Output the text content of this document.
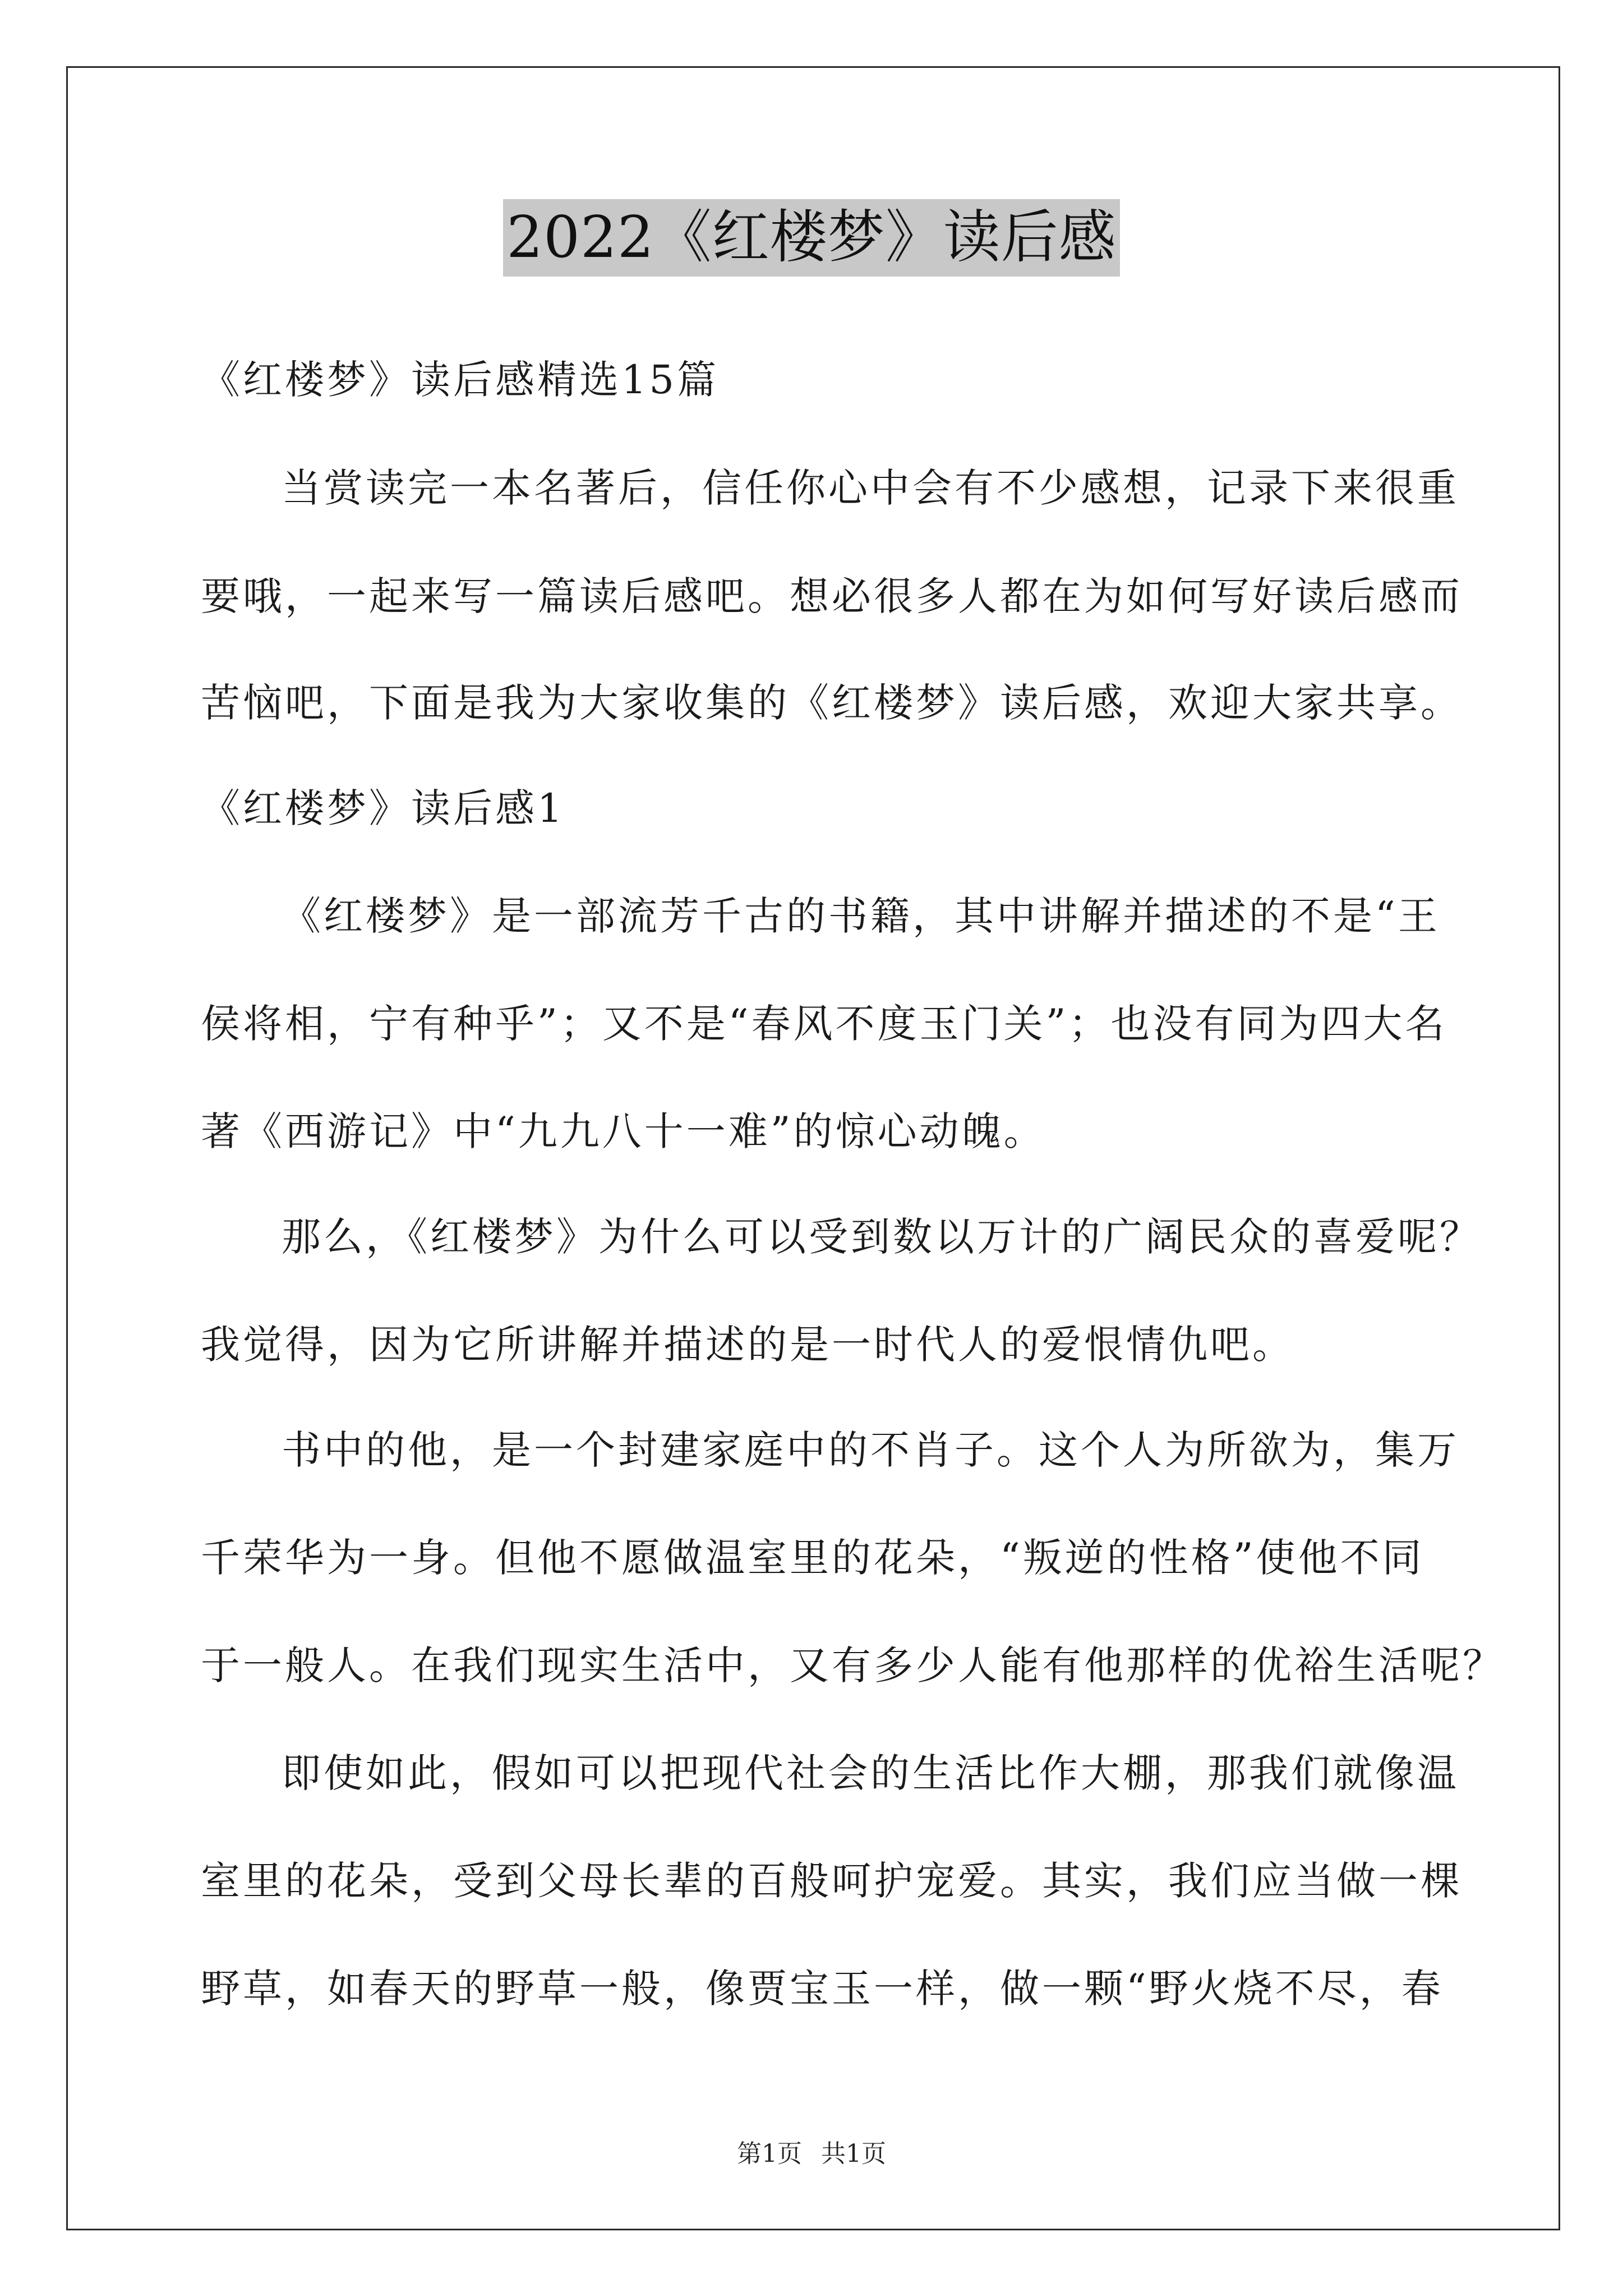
2022《红楼梦》读后感
《红楼梦》读后感精选15篇
当赏读完一本名著后，信任你心中会有不少感想，记录下来很重
要哦，一起来写一篇读后感吧。想必很多人都在为如何写好读后感而
苦恼吧，下面是我为大家收集的《红楼梦》读后感，欢迎大家共享。
《红楼梦》读后感1
《红楼梦》是一部流芳千古的书籍，其中讲解并描述的不是“王
侯将相，宁有种乎”；又不是“春风不度玉门关”；也没有同为四大名
著《西游记》中“九九八十一难”的惊心动魄。
那么，《红楼梦》为什么可以受到数以万计的广阔民众的喜爱呢？
我觉得，因为它所讲解并描述的是一时代人的爱恨情仇吧。
书中的他，是一个封建家庭中的不肖子。这个人为所欲为，集万
千荣华为一身。但他不愿做温室里的花朵，“叛逆的性格”使他不同
于一般人。在我们现实生活中，又有多少人能有他那样的优裕生活呢？
即使如此，假如可以把现代社会的生活比作大棚，那我们就像温
室里的花朵，受到父母长辈的百般呵护宠爱。其实，我们应当做一棵
野草，如春天的野草一般，像贾宝玉一样，做一颗“野火烧不尽，春
第1页 共1页
